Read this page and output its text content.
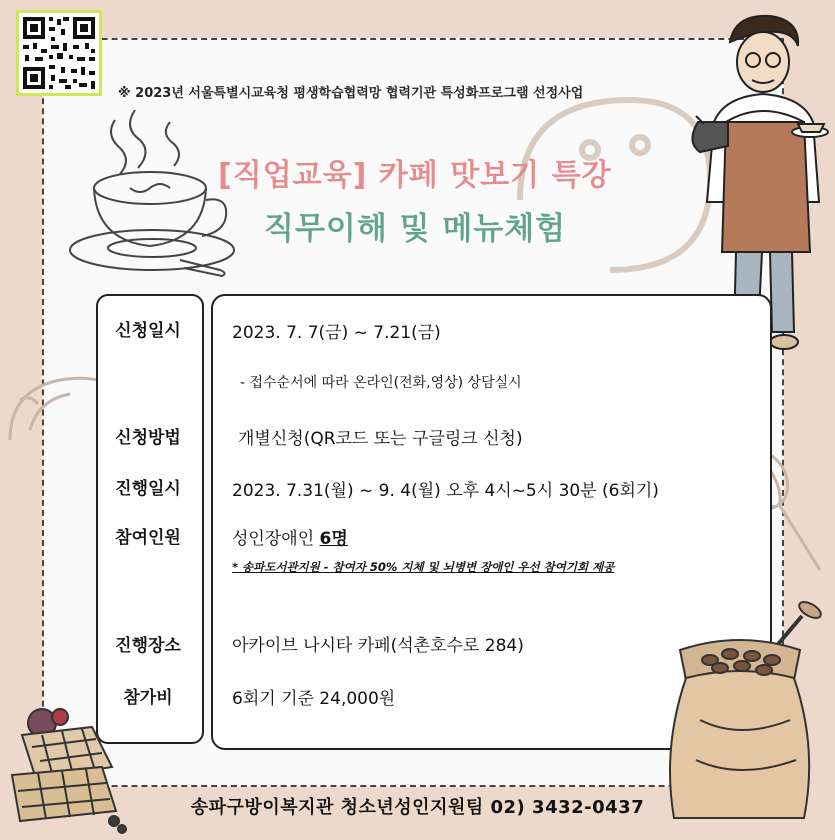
※ 2023년 서울특별시교육청 평생학습협력망 협력기관 특성화프로그램 선정사업
[직업교육] 카페 맛보기 특강
직무이해 및 메뉴체험
신청일시	2023. 7. 7(금) ~ 7.21(금)
- 접수순서에 따라 온라인(전화,영상) 상담실시
신청방법	개별신청(QR코드 또는 구글링크 신청)
진행일시	2023. 7.31(월) ~ 9. 4(월) 오후 4시~5시 30분 (6회기)
참여인원	성인장애인 6명
* 송파도서관지원 - 참여자 50% 지체 및 뇌병변 장애인 우선 참여기회 제공
진행장소	아카이브 나시타 카페(석촌호수로 284)
참가비	6회기 기준 24,000원
송파구방이복지관 청소년성인지원팀 02) 3432-0437
